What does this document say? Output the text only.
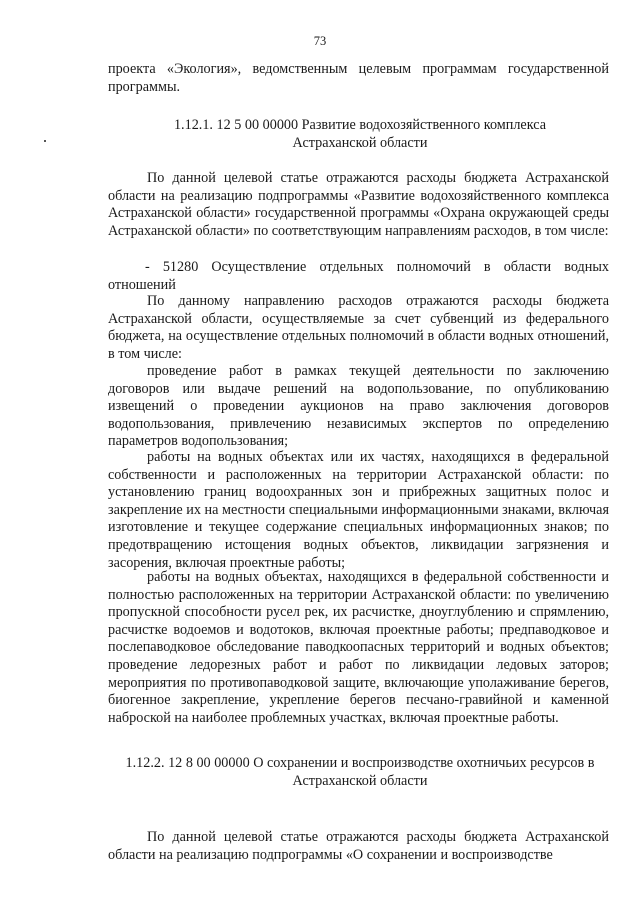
73

проекта «Экология», ведомственным целевым программам государственной программы.

1.12.1. 12 5 00 00000 Развитие водохозяйственного комплекса Астраханской области

По данной целевой статье отражаются расходы бюджета Астраханской области на реализацию подпрограммы «Развитие водохозяйственного комплекса Астраханской области» государственной программы «Охрана окружающей среды Астраханской области» по соответствующим направлениям расходов, в том числе:

- 51280 Осуществление отдельных полномочий в области водных отношений

По данному направлению расходов отражаются расходы бюджета Астраханской области, осуществляемые за счет субвенций из федерального бюджета, на осуществление отдельных полномочий в области водных отношений, в том числе:

проведение работ в рамках текущей деятельности по заключению договоров или выдаче решений на водопользование, по опубликованию извещений о проведении аукционов на право заключения договоров водопользования, привлечению независимых экспертов по определению параметров водопользования;

работы на водных объектах или их частях, находящихся в федеральной собственности и расположенных на территории Астраханской области: по установлению границ водоохранных зон и прибрежных защитных полос и закрепление их на местности специальными информационными знаками, включая изготовление и текущее содержание специальных информационных знаков; по предотвращению истощения водных объектов, ликвидации загрязнения и засорения, включая проектные работы;

работы на водных объектах, находящихся в федеральной собственности и полностью расположенных на территории Астраханской области: по увеличению пропускной способности русел рек, их расчистке, дноуглублению и спрямлению, расчистке водоемов и водотоков, включая проектные работы; предпаводковое и послепаводковое обследование паводкоопасных территорий и водных объектов; проведение ледорезных работ и работ по ликвидации ледовых заторов; мероприятия по противопаводковой защите, включающие уполаживание берегов, биогенное закрепление, укрепление берегов песчано-гравийной и каменной наброской на наиболее проблемных участках, включая проектные работы.

1.12.2. 12 8 00 00000 О сохранении и воспроизводстве охотничьих ресурсов в Астраханской области

По данной целевой статье отражаются расходы бюджета Астраханской области на реализацию подпрограммы «О сохранении и воспроизводстве
